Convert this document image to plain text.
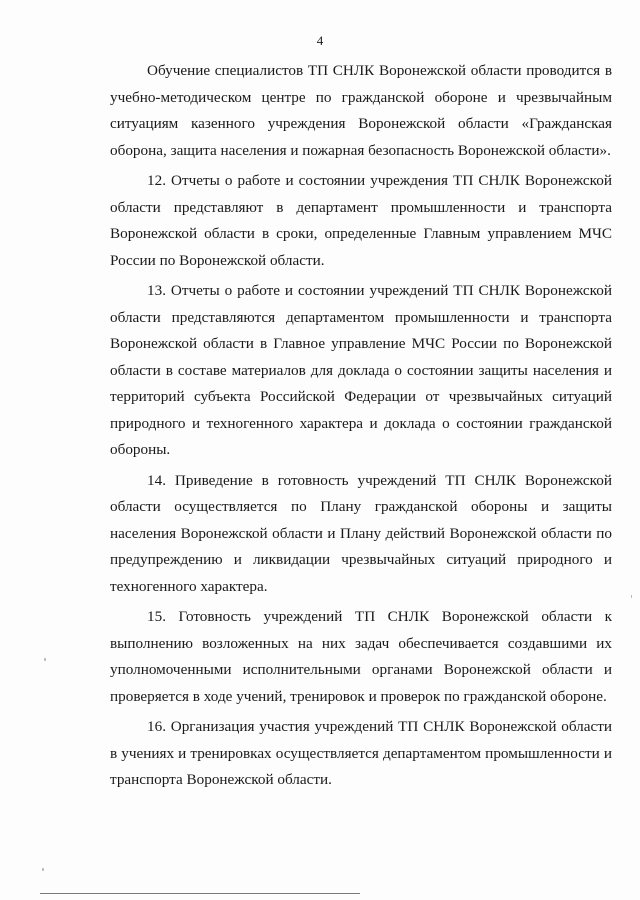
4

Обучение специалистов ТП СНЛК Воронежской области проводится в учебно-методическом центре по гражданской обороне и чрезвычайным ситуациям казенного учреждения Воронежской области «Гражданская оборона, защита населения и пожарная безопасность Воронежской области».

12. Отчеты о работе и состоянии учреждения ТП СНЛК Воронежской области представляют в департамент промышленности и транспорта Воронежской области в сроки, определенные Главным управлением МЧС России по Воронежской области.

13. Отчеты о работе и состоянии учреждений ТП СНЛК Воронежской области представляются департаментом промышленности и транспорта Воронежской области в Главное управление МЧС России по Воронежской области в составе материалов для доклада о состоянии защиты населения и территорий субъекта Российской Федерации от чрезвычайных ситуаций природного и техногенного характера и доклада о состоянии гражданской обороны.

14. Приведение в готовность учреждений ТП СНЛК Воронежской области осуществляется по Плану гражданской обороны и защиты населения Воронежской области и Плану действий Воронежской области по предупреждению и ликвидации чрезвычайных ситуаций природного и техногенного характера.

15. Готовность учреждений ТП СНЛК Воронежской области к выполнению возложенных на них задач обеспечивается создавшими их уполномоченными исполнительными органами Воронежской области и проверяется в ходе учений, тренировок и проверок по гражданской обороне.

16. Организация участия учреждений ТП СНЛК Воронежской области в учениях и тренировках осуществляется департаментом промышленности и транспорта Воронежской области.
